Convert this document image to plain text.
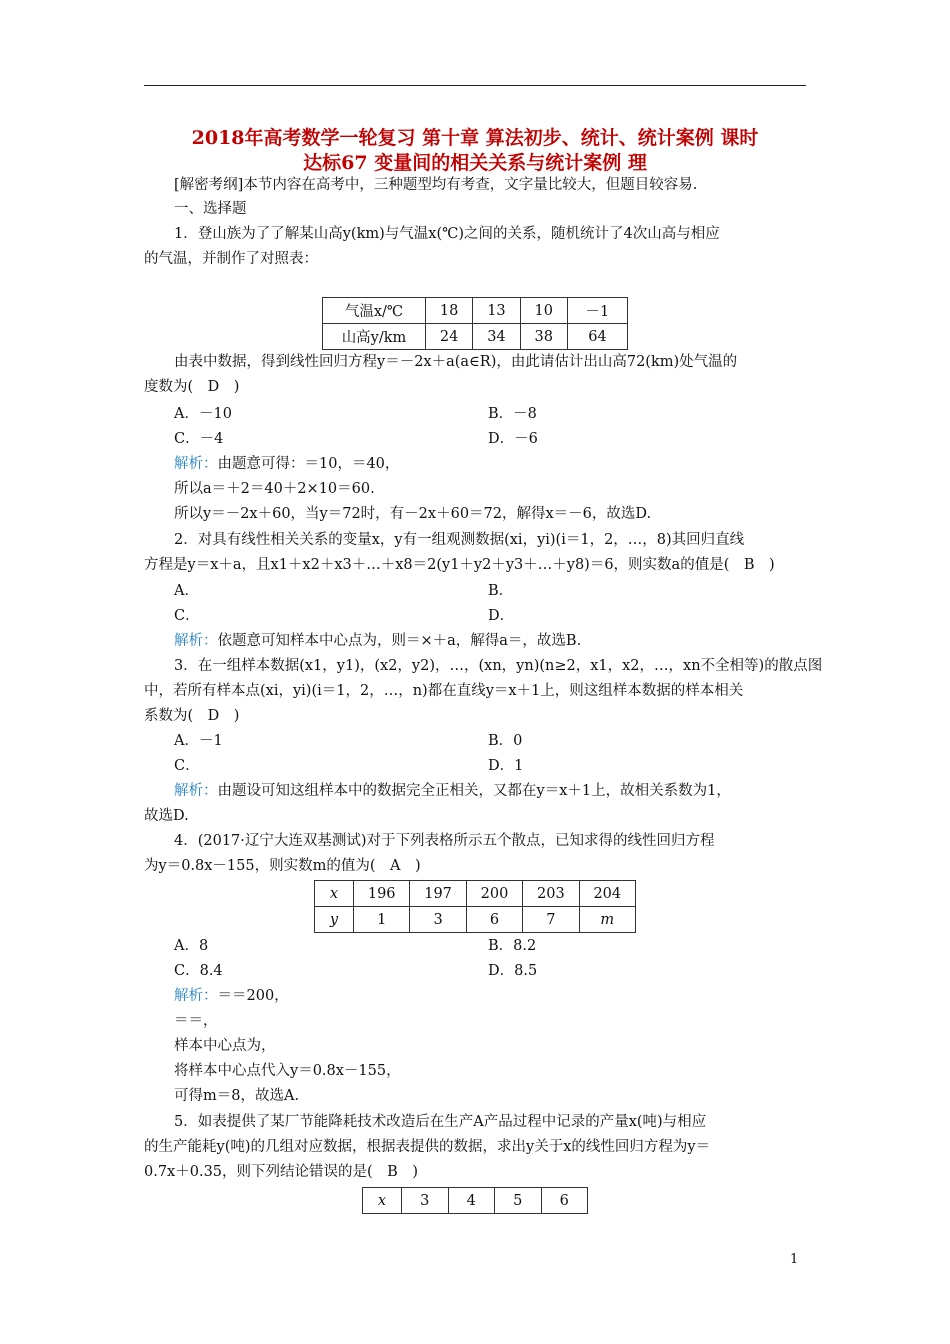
2018年高考数学一轮复习 第十章 算法初步、统计、统计案例 课时
达标67 变量间的相关关系与统计案例 理
[解密考纲]本节内容在高考中，三种题型均有考查，文字量比较大，但题目较容易.
一、选择题
1．登山族为了了解某山高y(km)与气温x(℃)之间的关系，随机统计了4次山高与相应
的气温，并制作了对照表：
气温x/℃	18	13	10	－1
山高y/km	24	34	38	64
由表中数据，得到线性回归方程y＝－2x＋a(a∈R)，由此请估计出山高72(km)处气温的
度数为(　D　)
A．－10	B．－8
C．－4	D．－6
解析：由题意可得：＝10，＝40，
所以a＝＋2＝40＋2×10＝60.
所以y＝－2x＋60，当y＝72时，有－2x＋60＝72，解得x＝－6，故选D.
2．对具有线性相关关系的变量x，y有一组观测数据(xi，yi)(i＝1，2，…，8)其回归直线
方程是y＝x＋a，且x1＋x2＋x3＋…＋x8＝2(y1＋y2＋y3＋…＋y8)＝6，则实数a的值是(　B　)
A．	B．
C．	D．
解析：依题意可知样本中心点为，则＝×＋a，解得a＝，故选B.
3．在一组样本数据(x1，y1)，(x2，y2)，…，(xn，yn)(n≥2，x1，x2，…，xn不全相等)的散点图
中，若所有样本点(xi，yi)(i＝1，2，…，n)都在直线y＝x＋1上，则这组样本数据的样本相关
系数为(　D　)
A．－1	B．0
C．	D．1
解析：由题设可知这组样本中的数据完全正相关，又都在y＝x＋1上，故相关系数为1，
故选D.
4．(2017·辽宁大连双基测试)对于下列表格所示五个散点，已知求得的线性回归方程
为y＝0.8x－155，则实数m的值为(　A　)
x	196	197	200	203	204
y	1	3	6	7	m
A．8	B．8.2
C．8.4	D．8.5
解析：＝＝200，
＝＝，
样本中心点为，
将样本中心点代入y＝0.8x－155，
可得m＝8，故选A.
5．如表提供了某厂节能降耗技术改造后在生产A产品过程中记录的产量x(吨)与相应
的生产能耗y(吨)的几组对应数据，根据表提供的数据，求出y关于x的线性回归方程为y＝
0.7x＋0.35，则下列结论错误的是(　B　)
x	3	4	5	6
1
